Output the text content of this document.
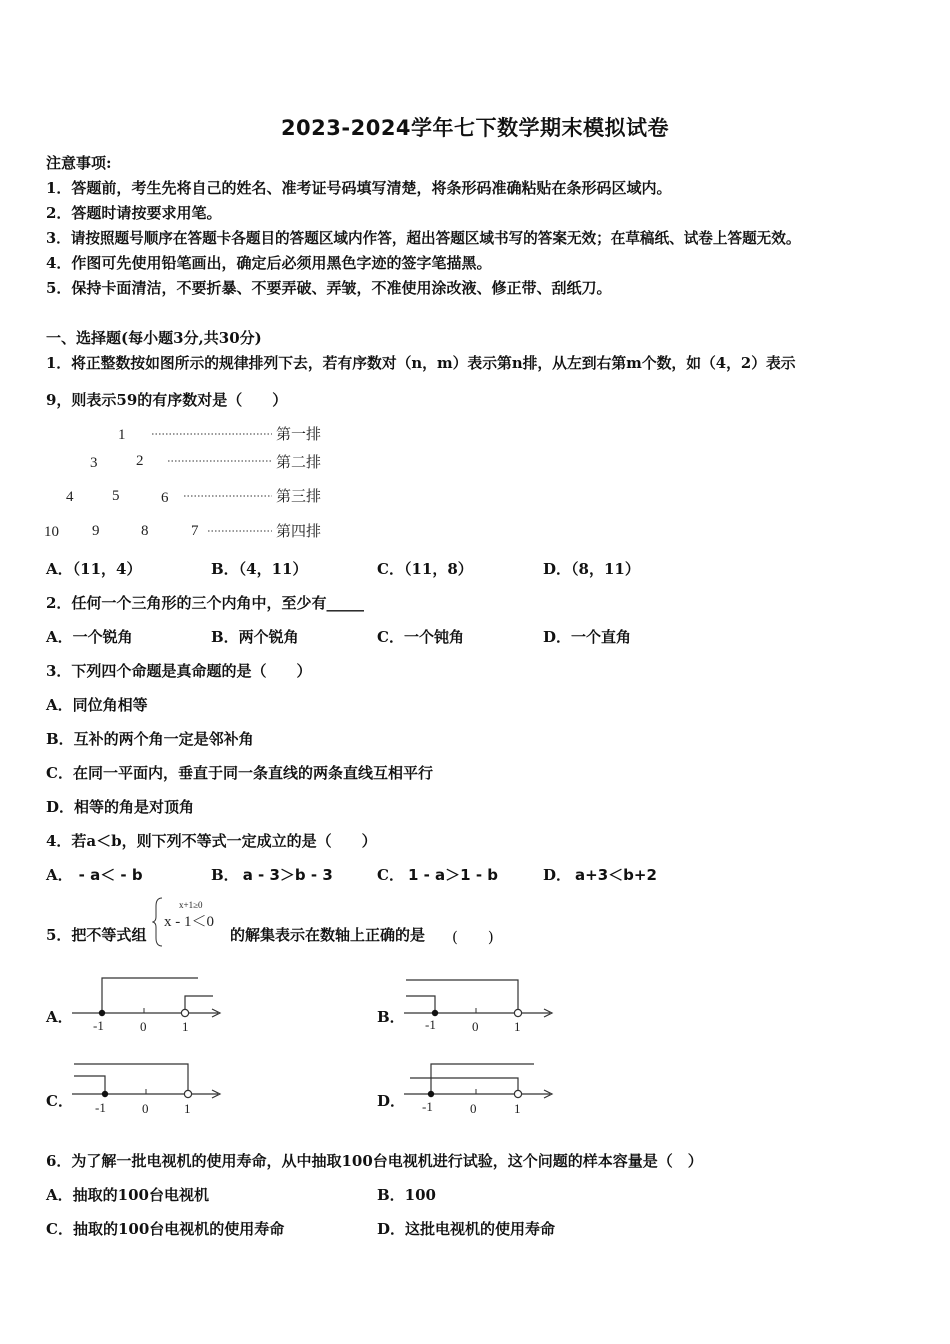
2023-2024学年七下数学期末模拟试卷
注意事项:
1．答题前，考生先将自己的姓名、准考证号码填写清楚，将条形码准确粘贴在条形码区域内。
2．答题时请按要求用笔。
3．请按照题号顺序在答题卡各题目的答题区域内作答，超出答题区域书写的答案无效；在草稿纸、试卷上答题无效。
4．作图可先使用铅笔画出，确定后必须用黑色字迹的签字笔描黑。
5．保持卡面清洁，不要折暴、不要弄破、弄皱，不准使用涂改液、修正带、刮纸刀。
一、选择题(每小题3分,共30分)
1．将正整数按如图所示的规律排列下去，若有序数对（n，m）表示第n排，从左到右第m个数，如（4，2）表示
9，则表示59的有序数对是（　　）
1	第一排
3	2	第二排
4	5	6	第三排
10 9	8	7	第四排
A．（11，4）	B．（4，11）	C．（11，8）	D．（8，11）
2．任何一个三角形的三个内角中，至少有_____
A．一个锐角	B．两个锐角	C．一个钝角	D．一个直角
3．下列四个命题是真命题的是（　　）
A．同位角相等
B．互补的两个角一定是邻补角
C．在同一平面内，垂直于同一条直线的两条直线互相平行
D．相等的角是对顶角
4．若a＜b，则下列不等式一定成立的是（　　）
A． - a＜ - b	B． a - 3＞b - 3	C． 1 - a＞1 - b	D． a+3＜b+2
5．把不等式组
x+1≥0
x - 1＜0
的解集表示在数轴上正确的是 (　　)
A．	B．
C．	D．
-1	0	1	-1	0	1
-1	0	1	-1	0	1
6．为了解一批电视机的使用寿命，从中抽取100台电视机进行试验，这个问题的样本容量是（　）
A．抽取的100台电视机	B．100
C．抽取的100台电视机的使用寿命	D．这批电视机的使用寿命
